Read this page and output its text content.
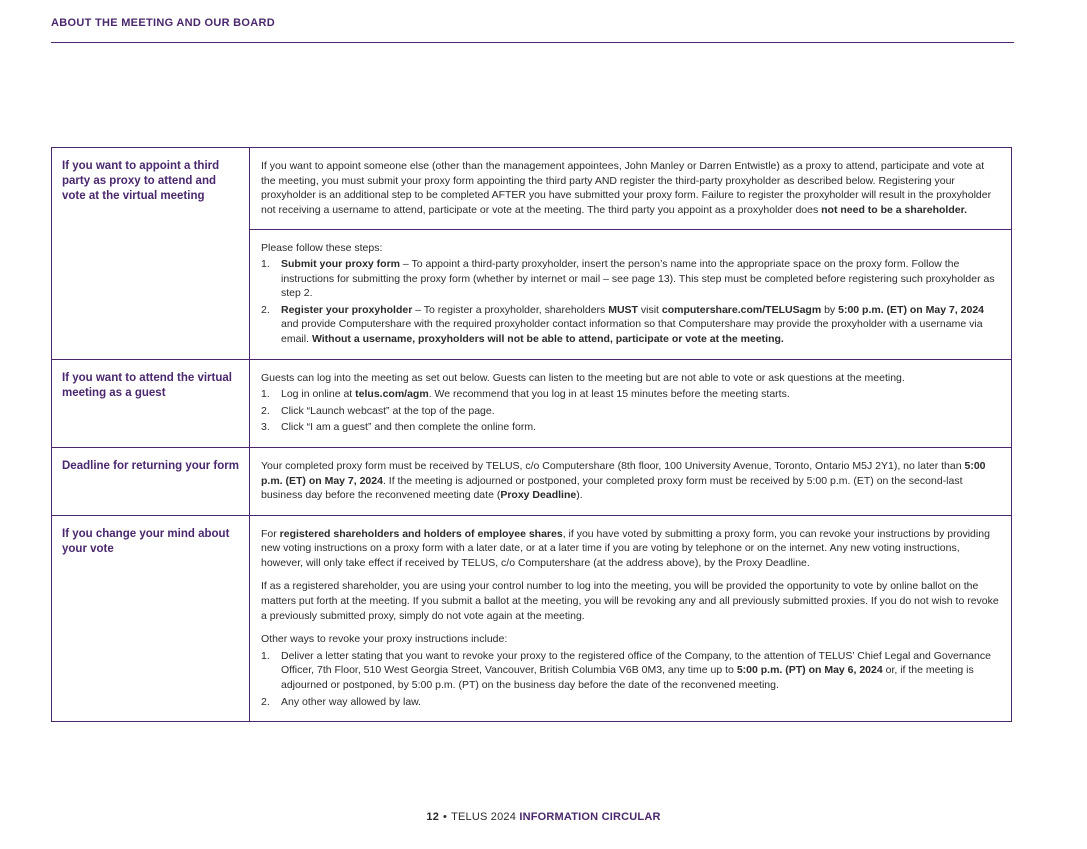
ABOUT THE MEETING AND OUR BOARD
If you want to appoint a third party as proxy to attend and vote at the virtual meeting

If you want to appoint someone else (other than the management appointees, John Manley or Darren Entwistle) as a proxy to attend, participate and vote at the meeting, you must submit your proxy form appointing the third party AND register the third-party proxyholder as described below. Registering your proxyholder is an additional step to be completed AFTER you have submitted your proxy form. Failure to register the proxyholder will result in the proxyholder not receiving a username to attend, participate or vote at the meeting. The third party you appoint as a proxyholder does not need to be a shareholder.

Please follow these steps:

Submit your proxy form – To appoint a third-party proxyholder, insert the person’s name into the appropriate space on the proxy form. Follow the instructions for submitting the proxy form (whether by internet or mail – see page 13). This step must be completed before registering such proxyholder as step 2.
Register your proxyholder – To register a proxyholder, shareholders MUST visit computershare.com/TELUSagm by 5:00 p.m. (ET) on May 7, 2024 and provide Computershare with the required proxyholder contact information so that Computershare may provide the proxyholder with a username via email. Without a username, proxyholders will not be able to attend, participate or vote at the meeting.
If you want to attend the virtual meeting as a guest

Guests can log into the meeting as set out below. Guests can listen to the meeting but are not able to vote or ask questions at the meeting.

Log in online at telus.com/agm. We recommend that you log in at least 15 minutes before the meeting starts.
Click “Launch webcast” at the top of the page.
Click “I am a guest” and then complete the online form.
Deadline for returning your form	Your completed proxy form must be received by TELUS, c/o Computershare (8th floor, 100 University Avenue, Toronto, Ontario M5J 2Y1), no later than 5:00 p.m. (ET) on May 7, 2024. If the meeting is adjourned or postponed, your completed proxy form must be received by 5:00 p.m. (ET) on the second-last business day before the reconvened meeting date (Proxy Deadline).

If you change your mind about your vote

For registered shareholders and holders of employee shares, if you have voted by submitting a proxy form, you can revoke your instructions by providing new voting instructions on a proxy form with a later date, or at a later time if you are voting by telephone or on the internet. Any new voting instructions, however, will only take effect if received by TELUS, c/o Computershare (at the address above), by the Proxy Deadline.

If as a registered shareholder, you are using your control number to log into the meeting, you will be provided the opportunity to vote by online ballot on the matters put forth at the meeting. If you submit a ballot at the meeting, you will be revoking any and all previously submitted proxies. If you do not wish to revoke a previously submitted proxy, simply do not vote again at the meeting.

Other ways to revoke your proxy instructions include:

Deliver a letter stating that you want to revoke your proxy to the registered office of the Company, to the attention of TELUS’ Chief Legal and Governance Officer, 7th Floor, 510 West Georgia Street, Vancouver, British Columbia V6B 0M3, any time up to 5:00 p.m. (PT) on May 6, 2024 or, if the meeting is adjourned or postponed, by 5:00 p.m. (PT) on the business day before the date of the reconvened meeting.
Any other way allowed by law.
12 • TELUS 2024 INFORMATION CIRCULAR
